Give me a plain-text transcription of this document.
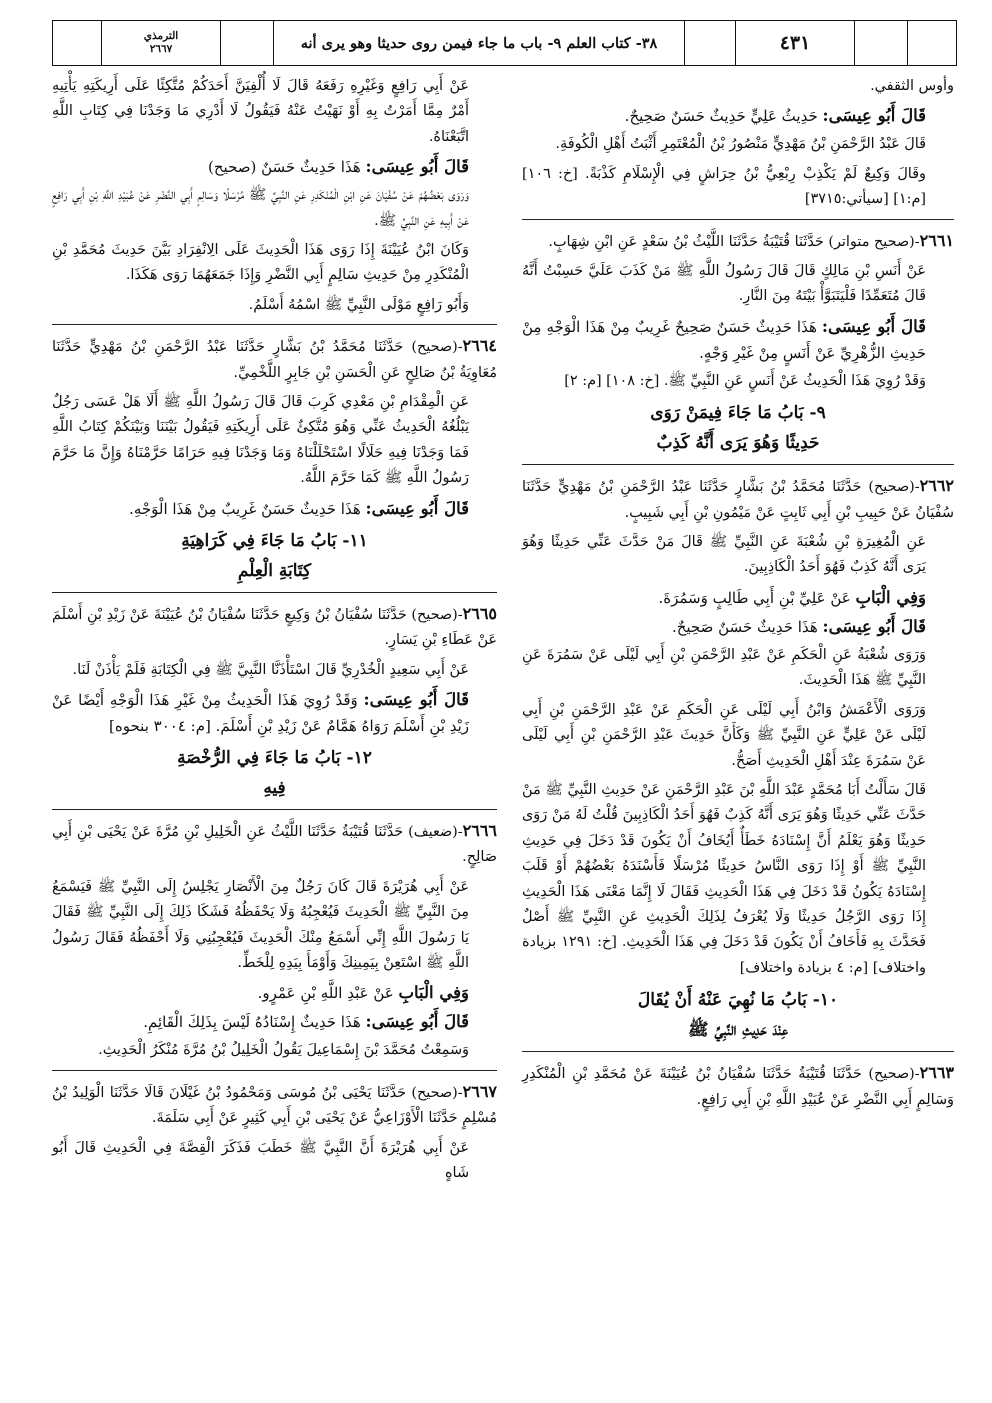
الترمذي
٢٦٦٧	٣٨- كتاب العلم ٩- باب ما جاء فيمن روى حديثا وهو يرى أنه	٤٣١

وأوس الثقفي.

قَالَ أَبُو عِيسَى: حَدِيثُ عَلِيٍّ حَدِيثٌ حَسَنٌ صَحِيحٌ.

قَالَ عَبْدُ الرَّحْمَنِ بْنُ مَهْدِيٍّ مَنْصُورُ بْنُ الْمُعْتَمِرِ أَثْبَتُ أَهْلِ الْكُوفَةِ.

وقَالَ وَكِيعٌ لَمْ يَكْذِبْ رِبْعِيُّ بْنُ حِرَاشٍ فِي الْإِسْلَامِ كَذْبَةً. [خ: ١٠٦] [م:١] [سيأتي:٣٧١٥]

٢٦٦١-(صحيح متواتر) حَدَّثَنَا قُتَيْبَةُ حَدَّثَنَا اللَّيْثُ بْنُ سَعْدٍ عَنِ ابْنِ شِهَابٍ.

عَنْ أَنَسِ بْنِ مَالِكٍ قَالَ قَالَ رَسُولُ اللَّهِ ﷺ مَنْ كَذَبَ عَلَيَّ حَسِبْتُ أَنَّهُ قَالَ مُتَعَمِّدًا فَلْيَتَبَوَّأْ بَيْتَهُ مِنَ النَّارِ.

قَالَ أَبُو عِيسَى: هَذَا حَدِيثٌ حَسَنٌ صَحِيحٌ غَرِيبٌ مِنْ هَذَا الْوَجْهِ مِنْ حَدِيثِ الزُّهْرِيِّ عَنْ أَنَسٍ مِنْ غَيْرِ وَجْهٍ.

وَقَدْ رُوِيَ هَذَا الْحَدِيثُ عَنْ أَنَسٍ عَنِ النَّبِيِّ ﷺ. [خ: ١٠٨] [م: ٢]

٩- بَابُ مَا جَاءَ فِيمَنْ رَوَى
حَدِيثًا وَهُوَ يَرَى أَنَّهُ كَذِبٌ

٢٦٦٢-(صحيح) حَدَّثَنَا مُحَمَّدُ بْنُ بَشَّارٍ حَدَّثَنَا عَبْدُ الرَّحْمَنِ بْنُ مَهْدِيٍّ حَدَّثَنَا سُفْيَانُ عَنْ حَبِيبِ بْنِ أَبِي ثَابِتٍ عَنْ مَيْمُونِ بْنِ أَبِي شَبِيبٍ.

عَنِ الْمُغِيرَةِ بْنِ شُعْبَةَ عَنِ النَّبِيِّ ﷺ قَالَ مَنْ حَدَّثَ عَنِّي حَدِيثًا وَهُوَ يَرَى أَنَّهُ كَذِبٌ فَهُوَ أَحَدُ الْكَاذِبِينَ.

وَفِي الْبَابِ عَنْ عَلِيِّ بْنِ أَبِي طَالِبٍ وَسَمُرَةَ.

قَالَ أَبُو عِيسَى: هَذَا حَدِيثٌ حَسَنٌ صَحِيحٌ.

وَرَوَى شُعْبَةُ عَنِ الْحَكَمِ عَنْ عَبْدِ الرَّحْمَنِ بْنِ أَبِي لَيْلَى عَنْ سَمُرَةَ عَنِ النَّبِيِّ ﷺ هَذَا الْحَدِيثَ.

وَرَوَى الْأَعْمَشُ وَابْنُ أَبِي لَيْلَى عَنِ الْحَكَمِ عَنْ عَبْدِ الرَّحْمَنِ بْنِ أَبِي لَيْلَى عَنْ عَلِيٍّ عَنِ النَّبِيِّ ﷺ وَكَأَنَّ حَدِيثَ عَبْدِ الرَّحْمَنِ بْنِ أَبِي لَيْلَى عَنْ سَمُرَةَ عِنْدَ أَهْلِ الْحَدِيثِ أَصَحُّ.

قَالَ سَأَلْتُ أَبَا مُحَمَّدٍ عَبْدَ اللَّهِ بْنَ عَبْدِ الرَّحْمَنِ عَنْ حَدِيثِ النَّبِيِّ ﷺ مَنْ حَدَّثَ عَنِّي حَدِيثًا وَهُوَ يَرَى أَنَّهُ كَذِبٌ فَهُوَ أَحَدُ الْكَاذِبِينَ قُلْتُ لَهُ مَنْ رَوَى حَدِيثًا وَهُوَ يَعْلَمُ أَنَّ إِسْنَادَهُ خَطَأٌ أَيُخَافُ أَنْ يَكُونَ قَدْ دَخَلَ فِي حَدِيثِ النَّبِيِّ ﷺ أَوْ إِذَا رَوَى النَّاسُ حَدِيثًا مُرْسَلًا فَأَسْنَدَهُ بَعْضُهُمْ أَوْ قَلَبَ إِسْنَادَهُ يَكُونُ قَدْ دَخَلَ فِي هَذَا الْحَدِيثِ فَقَالَ لَا إِنَّمَا مَعْنَى هَذَا الْحَدِيثِ إِذَا رَوَى الرَّجُلُ حَدِيثًا وَلَا يُعْرَفُ لِذَلِكَ الْحَدِيثِ عَنِ النَّبِيِّ ﷺ أَصْلٌ فَحَدَّثَ بِهِ فَأَخَافُ أَنْ يَكُونَ قَدْ دَخَلَ فِي هَذَا الْحَدِيثِ. [خ: ١٢٩١ بزيادة واختلاف] [م: ٤ بزيادة واختلاف]

١٠- بَابُ مَا نُهِيَ عَنْهُ أَنْ يُقَالَ
عِنْدَ حَدِيثِ النَّبِيِّ ﷺ

٢٦٦٣-(صحيح) حَدَّثَنَا قُتَيْبَةُ حَدَّثَنَا سُفْيَانُ بْنُ عُيَيْنَةَ عَنْ مُحَمَّدِ بْنِ الْمُنْكَدِرِ وَسَالِمٍ أَبِي النَّضْرِ عَنْ عُبَيْدِ اللَّهِ بْنِ أَبِي رَافِعٍ.

عَنْ أَبِي رَافِعٍ وَغَيْرِهِ رَفَعَهُ قَالَ لَا أُلْفِيَنَّ أَحَدَكُمْ مُتَّكِئًا عَلَى أَرِيكَتِهِ يَأْتِيهِ أَمْرٌ مِمَّا أَمَرْتُ بِهِ أَوْ نَهَيْتُ عَنْهُ فَيَقُولُ لَا أَدْرِي مَا وَجَدْنَا فِي كِتَابِ اللَّهِ اتَّبَعْنَاهُ.

قَالَ أَبُو عِيسَى: هَذَا حَدِيثٌ حَسَنٌ (صحيح)

وَرَوَى بَعْضُهُمْ عَنْ سُفْيَانَ عَنِ ابْنِ الْمُنْكَدِرِ عَنِ النَّبِيِّ ﷺ مُرْسَلًا وَسَالِمٍ أَبِي النَّضْرِ عَنْ عُبَيْدِ اللَّهِ بْنِ أَبِي رَافِعٍ عَنْ أَبِيهِ عَنِ النَّبِيِّ ﷺ.

وَكَانَ ابْنُ عُيَيْنَةَ إِذَا رَوَى هَذَا الْحَدِيثَ عَلَى الِانْفِرَادِ بَيَّنَ حَدِيثَ مُحَمَّدِ بْنِ الْمُنْكَدِرِ مِنْ حَدِيثِ سَالِمٍ أَبِي النَّضْرِ وَإِذَا جَمَعَهُمَا رَوَى هَكَذَا.

وَأَبُو رَافِعٍ مَوْلَى النَّبِيِّ ﷺ اسْمُهُ أَسْلَمُ.

٢٦٦٤-(صحيح) حَدَّثَنَا مُحَمَّدُ بْنُ بَشَّارٍ حَدَّثَنَا عَبْدُ الرَّحْمَنِ بْنُ مَهْدِيٍّ حَدَّثَنَا مُعَاوِيَةُ بْنُ صَالِحٍ عَنِ الْحَسَنِ بْنِ جَابِرٍ اللَّخْمِيِّ.

عَنِ الْمِقْدَامِ بْنِ مَعْدِي كَرِبَ قَالَ قَالَ رَسُولُ اللَّهِ ﷺ أَلَا هَلْ عَسَى رَجُلٌ يَبْلُغُهُ الْحَدِيثُ عَنِّي وَهُوَ مُتَّكِئٌ عَلَى أَرِيكَتِهِ فَيَقُولُ بَيْنَنَا وَبَيْنَكُمْ كِتَابُ اللَّهِ فَمَا وَجَدْنَا فِيهِ حَلَالًا اسْتَحْلَلْنَاهُ وَمَا وَجَدْنَا فِيهِ حَرَامًا حَرَّمْنَاهُ وَإِنَّ مَا حَرَّمَ رَسُولُ اللَّهِ ﷺ كَمَا حَرَّمَ اللَّهُ.

قَالَ أَبُو عِيسَى: هَذَا حَدِيثٌ حَسَنٌ غَرِيبٌ مِنْ هَذَا الْوَجْهِ.

١١- بَابُ مَا جَاءَ فِي كَرَاهِيَةِ
كِتَابَةِ الْعِلْمِ

٢٦٦٥-(صحيح) حَدَّثَنَا سُفْيَانُ بْنُ وَكِيعٍ حَدَّثَنَا سُفْيَانُ بْنُ عُيَيْنَةَ عَنْ زَيْدِ بْنِ أَسْلَمَ عَنْ عَطَاءِ بْنِ يَسَارٍ.

عَنْ أَبِي سَعِيدٍ الْخُدْرِيِّ قَالَ اسْتَأْذَنَّا النَّبِيَّ ﷺ فِي الْكِتَابَةِ فَلَمْ يَأْذَنْ لَنَا.

قَالَ أَبُو عِيسَى: وَقَدْ رُوِيَ هَذَا الْحَدِيثُ مِنْ غَيْرِ هَذَا الْوَجْهِ أَيْضًا عَنْ زَيْدِ بْنِ أَسْلَمَ رَوَاهُ هَمَّامٌ عَنْ زَيْدِ بْنِ أَسْلَمَ. [م: ٣٠٠٤ بنحوه]

١٢- بَابُ مَا جَاءَ فِي الرُّخْصَةِ
فِيهِ

٢٦٦٦-(ضعيف) حَدَّثَنَا قُتَيْبَةُ حَدَّثَنَا اللَّيْثُ عَنِ الْخَلِيلِ بْنِ مُرَّةَ عَنْ يَحْيَى بْنِ أَبِي صَالِحٍ.

عَنْ أَبِي هُرَيْرَةَ قَالَ كَانَ رَجُلٌ مِنَ الْأَنْصَارِ يَجْلِسُ إِلَى النَّبِيِّ ﷺ فَيَسْمَعُ مِنَ النَّبِيِّ ﷺ الْحَدِيثَ فَيُعْجِبُهُ وَلَا يَحْفَظُهُ فَشَكَا ذَلِكَ إِلَى النَّبِيِّ ﷺ فَقَالَ يَا رَسُولَ اللَّهِ إِنِّي أَسْمَعُ مِنْكَ الْحَدِيثَ فَيُعْجِبُنِي وَلَا أَحْفَظُهُ فَقَالَ رَسُولُ اللَّهِ ﷺ اسْتَعِنْ بِيَمِينِكَ وَأَوْمَأَ بِيَدِهِ لِلْخَطِّ.

وَفِي الْبَابِ عَنْ عَبْدِ اللَّهِ بْنِ عَمْرٍو.

قَالَ أَبُو عِيسَى: هَذَا حَدِيثٌ إِسْنَادُهُ لَيْسَ بِذَلِكَ الْقَائِمِ.

وَسَمِعْتُ مُحَمَّدَ بْنَ إِسْمَاعِيلَ يَقُولُ الْخَلِيلُ بْنُ مُرَّةَ مُنْكَرُ الْحَدِيثِ.

٢٦٦٧-(صحيح) حَدَّثَنَا يَحْيَى بْنُ مُوسَى وَمَحْمُودُ بْنُ غَيْلَانَ قَالَا حَدَّثَنَا الْوَلِيدُ بْنُ مُسْلِمٍ حَدَّثَنَا الْأَوْزَاعِيُّ عَنْ يَحْيَى بْنِ أَبِي كَثِيرٍ عَنْ أَبِي سَلَمَةَ.

عَنْ أَبِي هُرَيْرَةَ أَنَّ النَّبِيَّ ﷺ خَطَبَ فَذَكَرَ الْقِصَّةَ فِي الْحَدِيثِ قَالَ أَبُو شَاهٍ
